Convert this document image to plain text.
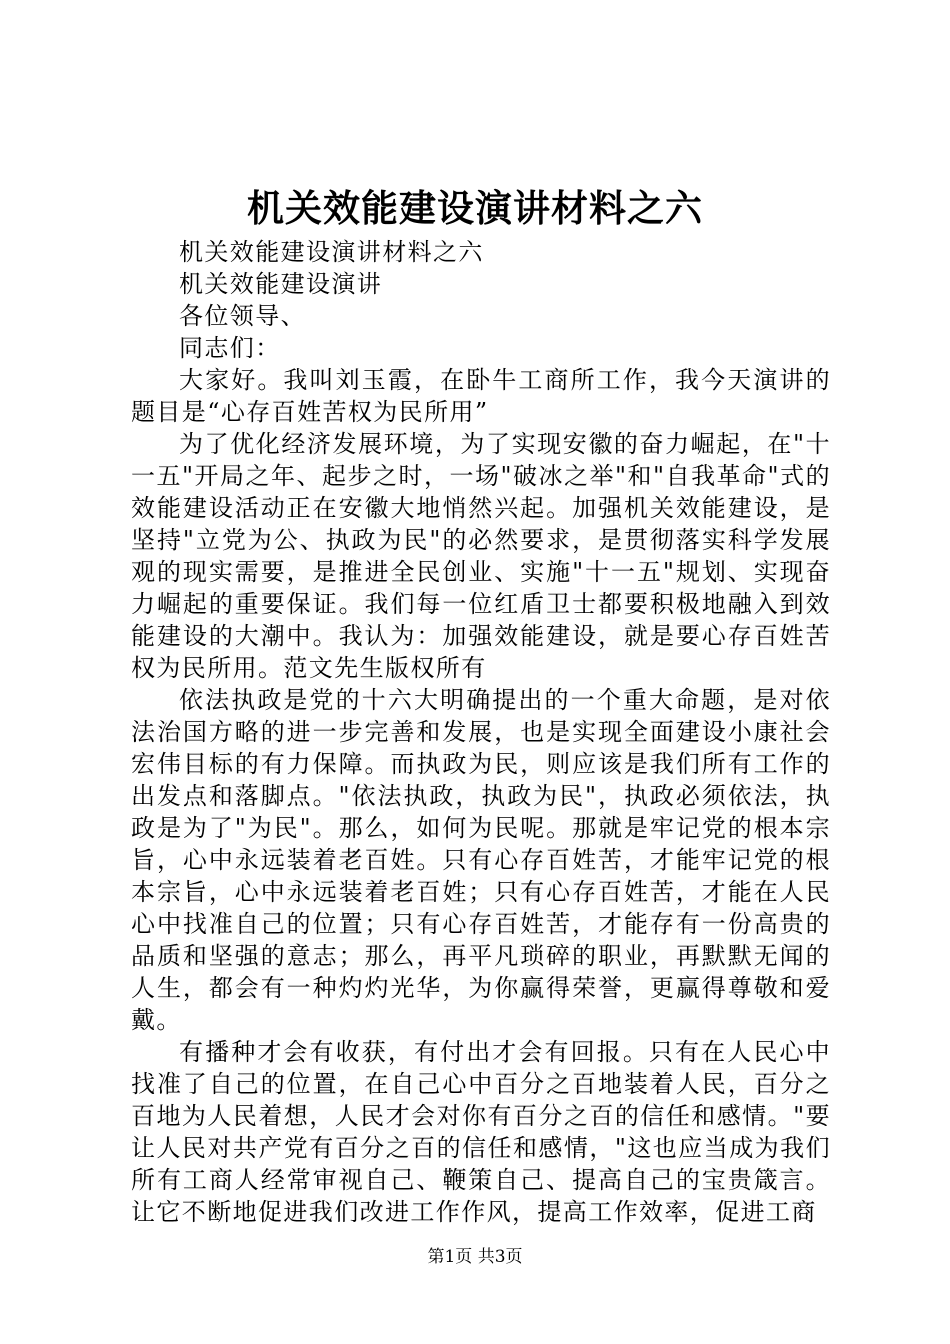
机关效能建设演讲材料之六

机关效能建设演讲材料之六

机关效能建设演讲

各位领导、

同志们：

大家好。我叫刘玉霞，在卧牛工商所工作，我今天演讲的题目是“心存百姓苦权为民所用”

为了优化经济发展环境，为了实现安徽的奋力崛起，在"十一五"开局之年、起步之时，一场"破冰之举"和"自我革命"式的效能建设活动正在安徽大地悄然兴起。加强机关效能建设，是坚持"立党为公、执政为民"的必然要求，是贯彻落实科学发展观的现实需要，是推进全民创业、实施"十一五"规划、实现奋力崛起的重要保证。我们每一位红盾卫士都要积极地融入到效能建设的大潮中。我认为：加强效能建设，就是要心存百姓苦权为民所用。范文先生版权所有

依法执政是党的十六大明确提出的一个重大命题，是对依法治国方略的进一步完善和发展，也是实现全面建设小康社会宏伟目标的有力保障。而执政为民，则应该是我们所有工作的出发点和落脚点。"依法执政，执政为民"，执政必须依法，执政是为了"为民"。那么，如何为民呢。那就是牢记党的根本宗旨，心中永远装着老百姓。只有心存百姓苦，才能牢记党的根本宗旨，心中永远装着老百姓；只有心存百姓苦，才能在人民心中找准自己的位置；只有心存百姓苦，才能存有一份高贵的品质和坚强的意志；那么，再平凡琐碎的职业，再默默无闻的人生，都会有一种灼灼光华，为你赢得荣誉，更赢得尊敬和爱戴。

有播种才会有收获，有付出才会有回报。只有在人民心中找准了自己的位置，在自己心中百分之百地装着人民，百分之百地为人民着想，人民才会对你有百分之百的信任和感情。"要让人民对共产党有百分之百的信任和感情，"这也应当成为我们所有工商人经常审视自己、鞭策自己、提高自己的宝贵箴言。让它不断地促进我们改进工作作风，提高工作效率，促进工商

第1页 共3页
